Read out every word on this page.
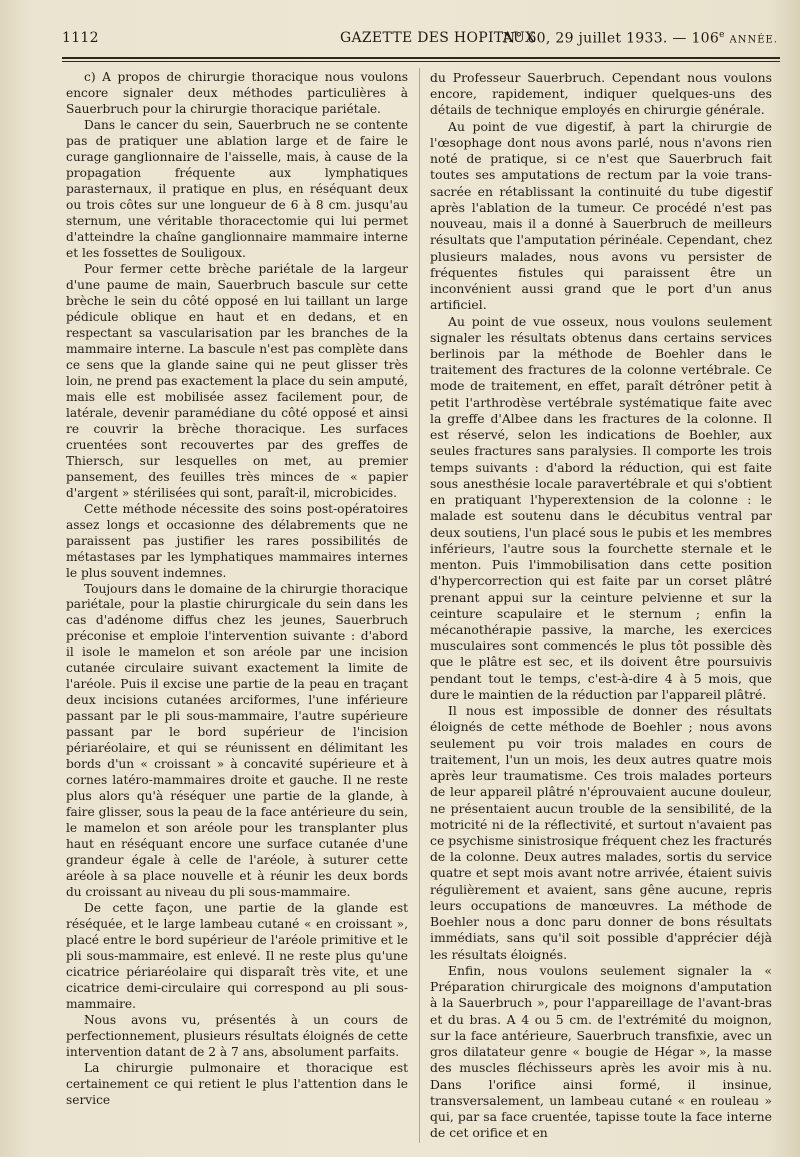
1112	GAZETTE DES HOPITAUX
N° 60, 29 juillet 1933. — 106e ANNÉE.

c) A propos de chirurgie thoracique nous voulons encore signaler deux méthodes particulières à Sauerbruch pour la chirurgie thoracique pariétale.

Dans le cancer du sein, Sauerbruch ne se contente pas de pratiquer une ablation large et de faire le curage ganglionnaire de l'aisselle, mais, à cause de la propagation fréquente aux lymphatiques parasternaux, il pratique en plus, en réséquant deux ou trois côtes sur une longueur de 6 à 8 cm. jusqu'au sternum, une véritable thoracectomie qui lui permet d'atteindre la chaîne ganglionnaire mammaire interne et les fossettes de Souligoux.

Pour fermer cette brèche pariétale de la largeur d'une paume de main, Sauerbruch bascule sur cette brèche le sein du côté opposé en lui taillant un large pédicule oblique en haut et en dedans, et en respectant sa vascularisation par les branches de la mammaire interne. La bascule n'est pas complète dans ce sens que la glande saine qui ne peut glisser très loin, ne prend pas exactement la place du sein amputé, mais elle est mobilisée assez facilement pour, de latérale, devenir paramédiane du côté opposé et ainsi re couvrir la brèche thoracique. Les surfaces cruentées sont recouvertes par des greffes de Thiersch, sur lesquelles on met, au premier pansement, des feuilles très minces de « papier d'argent » stérilisées qui sont, paraît-il, microbicides.

Cette méthode nécessite des soins post-opératoires assez longs et occasionne des délabrements que ne paraissent pas justifier les rares possibilités de métastases par les lymphatiques mammaires internes le plus souvent indemnes.

Toujours dans le domaine de la chirurgie thoracique pariétale, pour la plastie chirurgicale du sein dans les cas d'adénome diffus chez les jeunes, Sauerbruch préconise et emploie l'intervention suivante : d'abord il isole le mamelon et son aréole par une incision cutanée circulaire suivant exactement la limite de l'aréole. Puis il excise une partie de la peau en traçant deux incisions cutanées arciformes, l'une inférieure passant par le pli sous-mammaire, l'autre supérieure passant par le bord supérieur de l'incision périaréolaire, et qui se réunissent en délimitant les bords d'un « croissant » à concavité supérieure et à cornes latéro-mammaires droite et gauche. Il ne reste plus alors qu'à réséquer une partie de la glande, à faire glisser, sous la peau de la face antérieure du sein, le mamelon et son aréole pour les transplanter plus haut en réséquant encore une surface cutanée d'une grandeur égale à celle de l'aréole, à suturer cette aréole à sa place nouvelle et à réunir les deux bords du croissant au niveau du pli sous-mammaire.

De cette façon, une partie de la glande est réséquée, et le large lambeau cutané « en croissant », placé entre le bord supérieur de l'aréole primitive et le pli sous-mammaire, est enlevé. Il ne reste plus qu'une cicatrice périaréolaire qui disparaît très vite, et une cicatrice demi-circulaire qui correspond au pli sous-mammaire.

Nous avons vu, présentés à un cours de perfectionnement, plusieurs résultats éloignés de cette intervention datant de 2 à 7 ans, absolument parfaits.

La chirurgie pulmonaire et thoracique est certainement ce qui retient le plus l'attention dans le service

du Professeur Sauerbruch. Cependant nous voulons encore, rapidement, indiquer quelques-uns des détails de technique employés en chirurgie générale.

Au point de vue digestif, à part la chirurgie de l'œsophage dont nous avons parlé, nous n'avons rien noté de pratique, si ce n'est que Sauerbruch fait toutes ses amputations de rectum par la voie trans-sacrée en rétablissant la continuité du tube digestif après l'ablation de la tumeur. Ce procédé n'est pas nouveau, mais il a donné à Sauerbruch de meilleurs résultats que l'amputation périnéale. Cependant, chez plusieurs malades, nous avons vu persister de fréquentes fistules qui paraissent être un inconvénient aussi grand que le port d'un anus artificiel.

Au point de vue osseux, nous voulons seulement signaler les résultats obtenus dans certains services berlinois par la méthode de Boehler dans le traitement des fractures de la colonne vertébrale. Ce mode de traitement, en effet, paraît détrôner petit à petit l'arthrodèse vertébrale systématique faite avec la greffe d'Albee dans les fractures de la colonne. Il est réservé, selon les indications de Boehler, aux seules fractures sans paralysies. Il comporte les trois temps suivants : d'abord la réduction, qui est faite sous anesthésie locale paravertébrale et qui s'obtient en pratiquant l'hyperextension de la colonne : le malade est soutenu dans le décubitus ventral par deux soutiens, l'un placé sous le pubis et les membres inférieurs, l'autre sous la fourchette sternale et le menton. Puis l'immobilisation dans cette position d'hypercorrection qui est faite par un corset plâtré prenant appui sur la ceinture pelvienne et sur la ceinture scapulaire et le sternum ; enfin la mécanothérapie passive, la marche, les exercices musculaires sont commencés le plus tôt possible dès que le plâtre est sec, et ils doivent être poursuivis pendant tout le temps, c'est-à-dire 4 à 5 mois, que dure le maintien de la réduction par l'appareil plâtré.

Il nous est impossible de donner des résultats éloignés de cette méthode de Boehler ; nous avons seulement pu voir trois malades en cours de traitement, l'un un mois, les deux autres quatre mois après leur traumatisme. Ces trois malades porteurs de leur appareil plâtré n'éprouvaient aucune douleur, ne présentaient aucun trouble de la sensibilité, de la motricité ni de la réflectivité, et surtout n'avaient pas ce psychisme sinistrosique fréquent chez les fracturés de la colonne. Deux autres malades, sortis du service quatre et sept mois avant notre arrivée, étaient suivis régulièrement et avaient, sans gêne aucune, repris leurs occupations de manœuvres. La méthode de Boehler nous a donc paru donner de bons résultats immédiats, sans qu'il soit possible d'apprécier déjà les résultats éloignés.

Enfin, nous voulons seulement signaler la « Préparation chirurgicale des moignons d'amputation à la Sauerbruch », pour l'appareillage de l'avant-bras et du bras. A 4 ou 5 cm. de l'extrémité du moignon, sur la face antérieure, Sauerbruch transfixie, avec un gros dilatateur genre « bougie de Hégar », la masse des muscles fléchisseurs après les avoir mis à nu. Dans l'orifice ainsi formé, il insinue, transversalement, un lambeau cutané « en rouleau » qui, par sa face cruentée, tapisse toute la face interne de cet orifice et en
